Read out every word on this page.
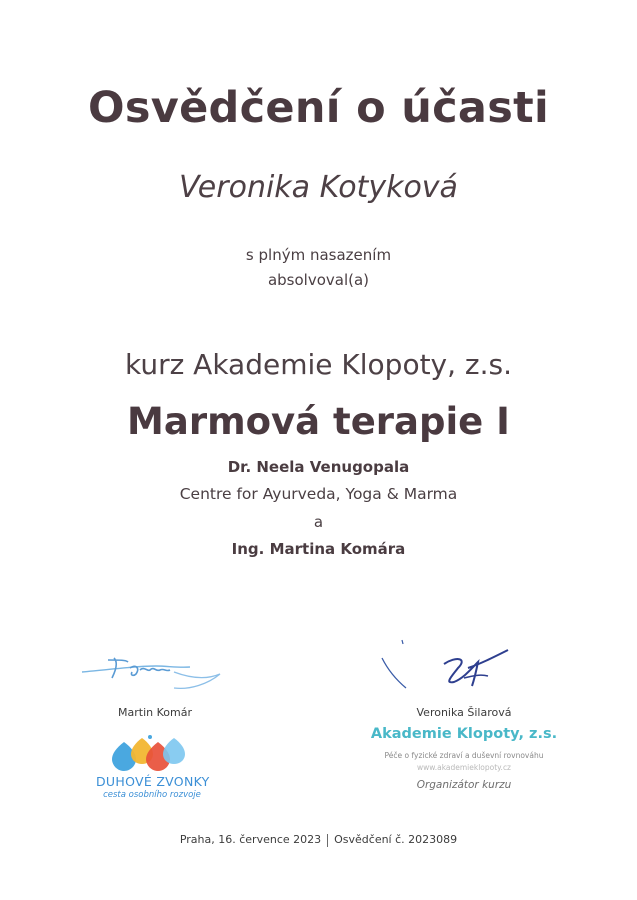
Osvědčení o účasti
Veronika Kotyková
s plným nasazením
absolvoval(a)
kurz Akademie Klopoty, z.s.
Marmová terapie I
Dr. Neela Venugopala
Centre for Ayurveda, Yoga & Marma
a
Ing. Martina Komára
Martin Komár	Veronika Šilarová
DUHOVÉ ZVONKY
cesta osobního rozvoje
Akademie Klopoty, z.s.
Péče o fyzické zdraví a duševní rovnováhu
www.akademieklopoty.cz
Organizátor kurzu
Praha, 16. července 2023 Osvědčení č. 2023089
